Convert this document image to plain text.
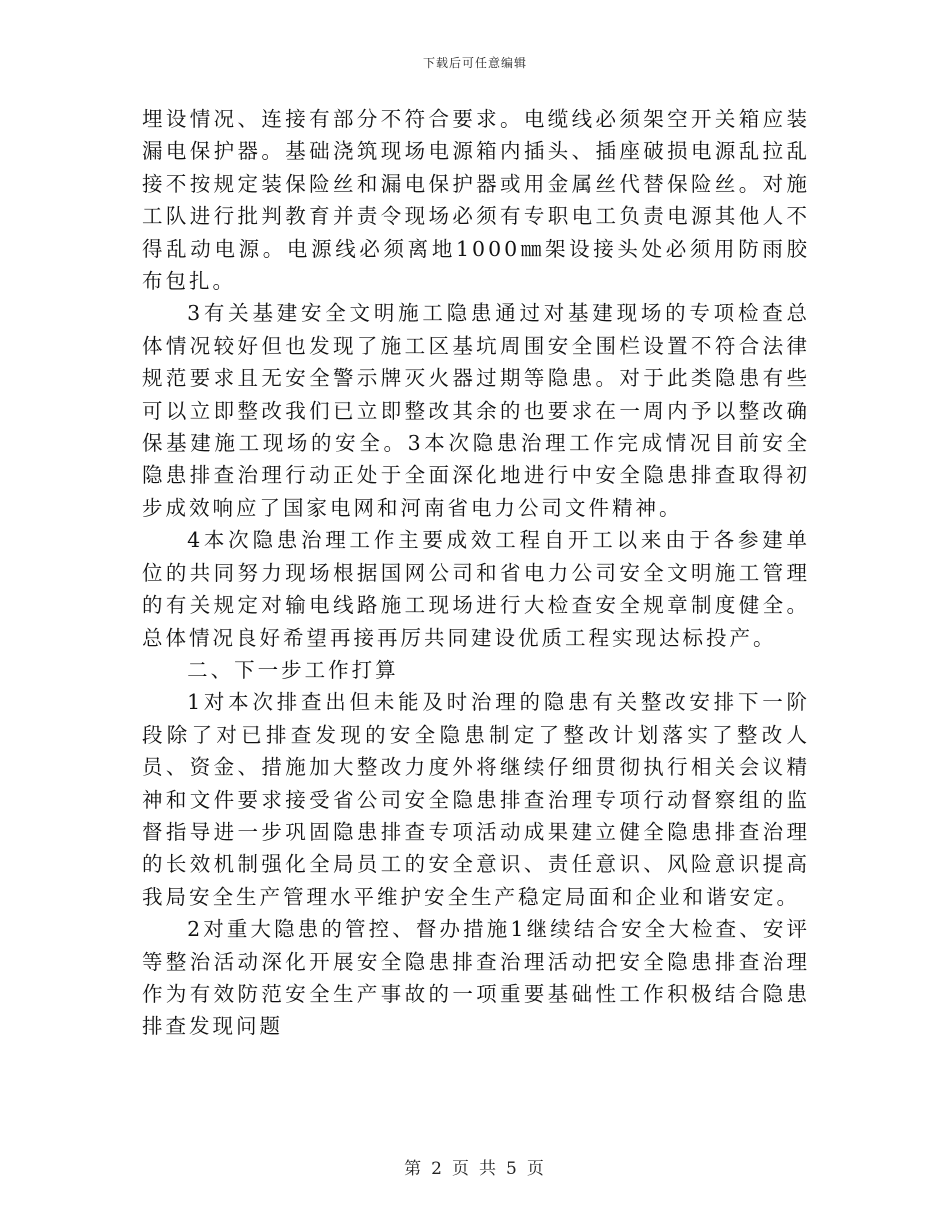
下载后可任意编辑

埋设情况、连接有部分不符合要求。电缆线必须架空开关箱应装漏电保护器。基础浇筑现场电源箱内插头、插座破损电源乱拉乱接不按规定装保险丝和漏电保护器或用金属丝代替保险丝。对施工队进行批判教育并责令现场必须有专职电工负责电源其他人不得乱动电源。电源线必须离地1000㎜架设接头处必须用防雨胶布包扎。

3有关基建安全文明施工隐患通过对基建现场的专项检查总体情况较好但也发现了施工区基坑周围安全围栏设置不符合法律规范要求且无安全警示牌灭火器过期等隐患。对于此类隐患有些可以立即整改我们已立即整改其余的也要求在一周内予以整改确保基建施工现场的安全。3本次隐患治理工作完成情况目前安全隐患排查治理行动正处于全面深化地进行中安全隐患排查取得初步成效响应了国家电网和河南省电力公司文件精神。

4本次隐患治理工作主要成效工程自开工以来由于各参建单位的共同努力现场根据国网公司和省电力公司安全文明施工管理的有关规定对输电线路施工现场进行大检查安全规章制度健全。总体情况良好希望再接再厉共同建设优质工程实现达标投产。

二、下一步工作打算

1对本次排查出但未能及时治理的隐患有关整改安排下一阶段除了对已排查发现的安全隐患制定了整改计划落实了整改人员、资金、措施加大整改力度外将继续仔细贯彻执行相关会议精神和文件要求接受省公司安全隐患排查治理专项行动督察组的监督指导进一步巩固隐患排查专项活动成果建立健全隐患排查治理的长效机制强化全局员工的安全意识、责任意识、风险意识提高我局安全生产管理水平维护安全生产稳定局面和企业和谐安定。

2对重大隐患的管控、督办措施1继续结合安全大检查、安评等整治活动深化开展安全隐患排查治理活动把安全隐患排查治理作为有效防范安全生产事故的一项重要基础性工作积极结合隐患排查发现问题

第 2 页 共 5 页
